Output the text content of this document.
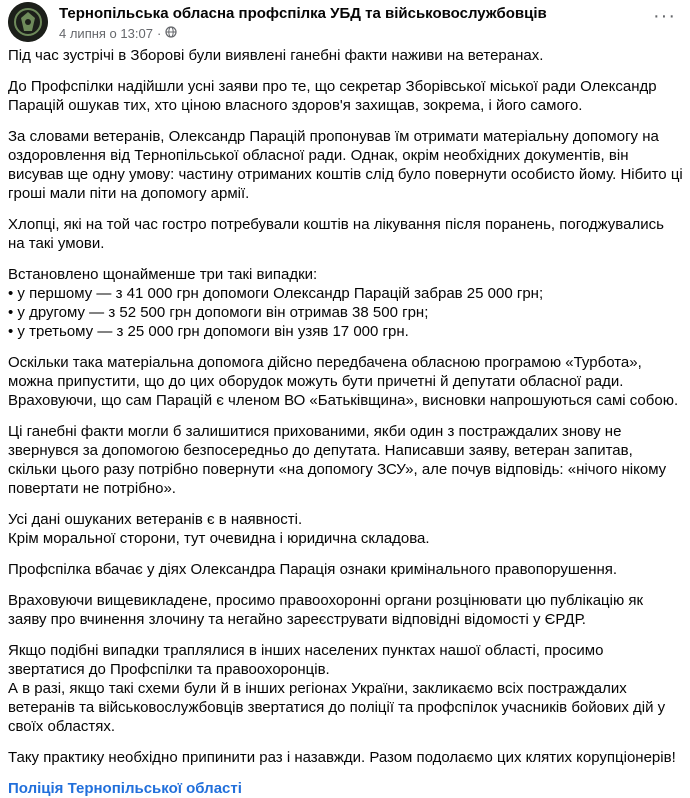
Тернопільська обласна профспілка УБД та військовослужбовців
4 липня о 13:07 ·
···

Під час зустрічі в Зборові були виявлені ганебні факти наживи на ветеранах.

До Профспілки надійшли усні заяви про те, що секретар Зборівської міської ради Олександр Парацій ошукав тих, хто ціною власного здоров'я захищав, зокрема, і його самого.

За словами ветеранів, Олександр Парацій пропонував їм отримати матеріальну допомогу на оздоровлення від Тернопільської обласної ради. Однак, окрім необхідних документів, він висував ще одну умову: частину отриманих коштів слід було повернути особисто йому. Нібито ці гроші мали піти на допомогу армії.

Хлопці, які на той час гостро потребували коштів на лікування після поранень, погоджувались на такі умови.

Встановлено щонайменше три такі випадки:
• у першому — з 41 000 грн допомоги Олександр Парацій забрав 25 000 грн;
• у другому — з 52 500 грн допомоги він отримав 38 500 грн;
• у третьому — з 25 000 грн допомоги він узяв 17 000 грн.

Оскільки така матеріальна допомога дійсно передбачена обласною програмою «Турбота», можна припустити, що до цих оборудок можуть бути причетні й депутати обласної ради. Враховуючи, що сам Парацій є членом ВО «Батьківщина», висновки напрошуються самі собою.

Ці ганебні факти могли б залишитися прихованими, якби один з постраждалих знову не звернувся за допомогою безпосередньо до депутата. Написавши заяву, ветеран запитав, скільки цього разу потрібно повернути «на допомогу ЗСУ», але почув відповідь: «нічого нікому повертати не потрібно».

Усі дані ошуканих ветеранів є в наявності.
Крім моральної сторони, тут очевидна і юридична складова.

Профспілка вбачає у діях Олександра Парація ознаки кримінального правопорушення.

Враховуючи вищевикладене, просимо правоохоронні органи розцінювати цю публікацію як заяву про вчинення злочину та негайно зареєструвати відповідні відомості у ЄРДР.

Якщо подібні випадки траплялися в інших населених пунктах нашої області, просимо звертатися до Профспілки та правоохоронців.
А в разі, якщо такі схеми були й в інших регіонах України, закликаємо всіх постраждалих ветеранів та військовослужбовців звертатися до поліції та профспілок учасників бойових дій у своїх областях.

Таку практику необхідно припинити раз і назавжди. Разом подолаємо цих клятих корупціонерів!

Поліція Тернопільської області
